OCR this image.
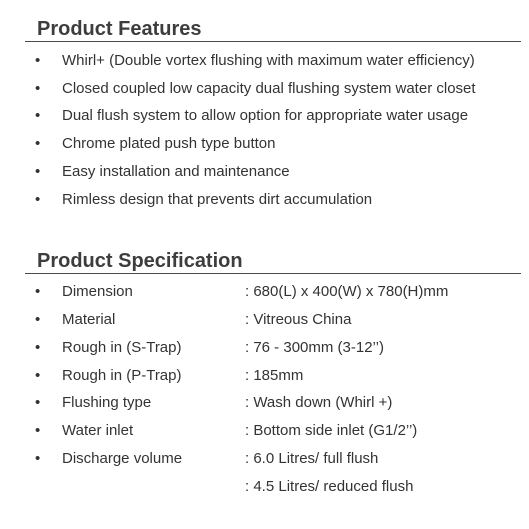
Product Features
• Whirl+ (Double vortex flushing with maximum water efficiency)
• Closed coupled low capacity dual flushing system water closet
• Dual flush system to allow option for appropriate water usage
• Chrome plated push type button
• Easy installation and maintenance
• Rimless design that prevents dirt accumulation
Product Specification
• Dimension	: 680(L) x 400(W) x 780(H)mm
• Material	: Vitreous China
• Rough in (S-Trap)	: 76 - 300mm (3-12’’)
• Rough in (P-Trap)	: 185mm
• Flushing type	: Wash down (Whirl +)
• Water inlet	: Bottom side inlet (G1/2’’)
• Discharge volume	: 6.0 Litres/ full flush
: 4.5 Litres/ reduced flush
